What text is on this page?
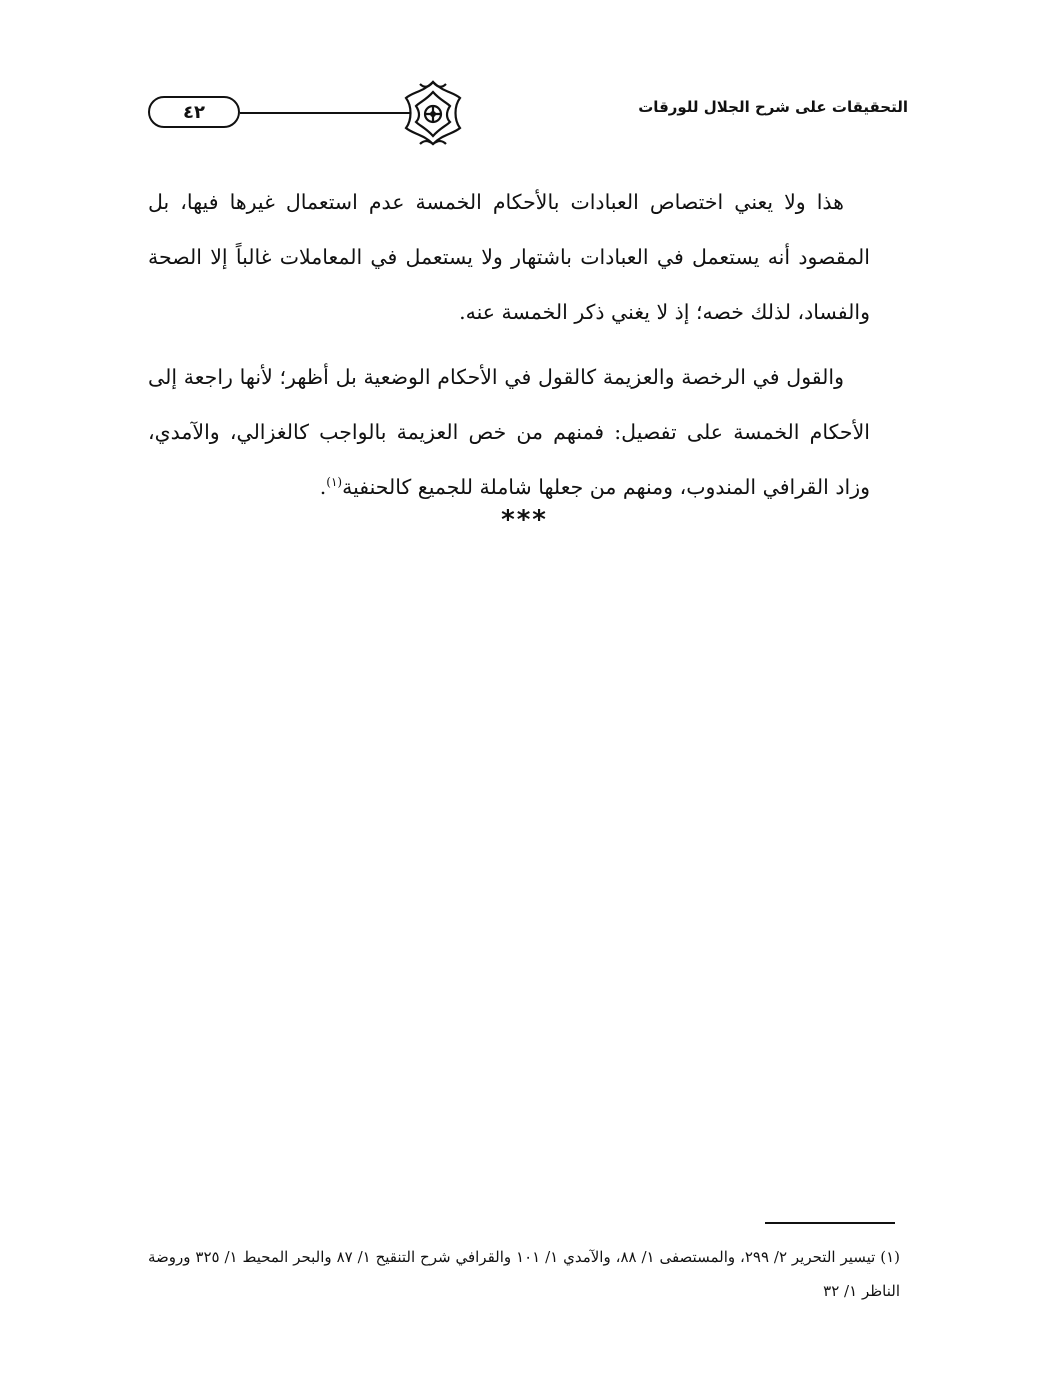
٤٢	التحقيقات على شرح الجلال للورقات

هذا ولا يعني اختصاص العبادات بالأحكام الخمسة عدم استعمال غيرها فيها، بل المقصود أنه يستعمل في العبادات باشتهار ولا يستعمل في المعاملات غالباً إلا الصحة والفساد، لذلك خصه؛ إذ لا يغني ذكر الخمسة عنه.

والقول في الرخصة والعزيمة كالقول في الأحكام الوضعية بل أظهر؛ لأنها راجعة إلى الأحكام الخمسة على تفصيل: فمنهم من خص العزيمة بالواجب كالغزالي، والآمدي، وزاد القرافي المندوب، ومنهم من جعلها شاملة للجميع كالحنفية$^{(١)}$.

***
(١) تيسير التحرير ٢/ ٢٩٩، والمستصفى ١/ ٨٨، والآمدي ١/ ١٠١ والقرافي شرح التنقيح ١/ ٨٧ والبحر المحيط ١/ ٣٢٥ وروضة الناظر ١/ ٣٢
